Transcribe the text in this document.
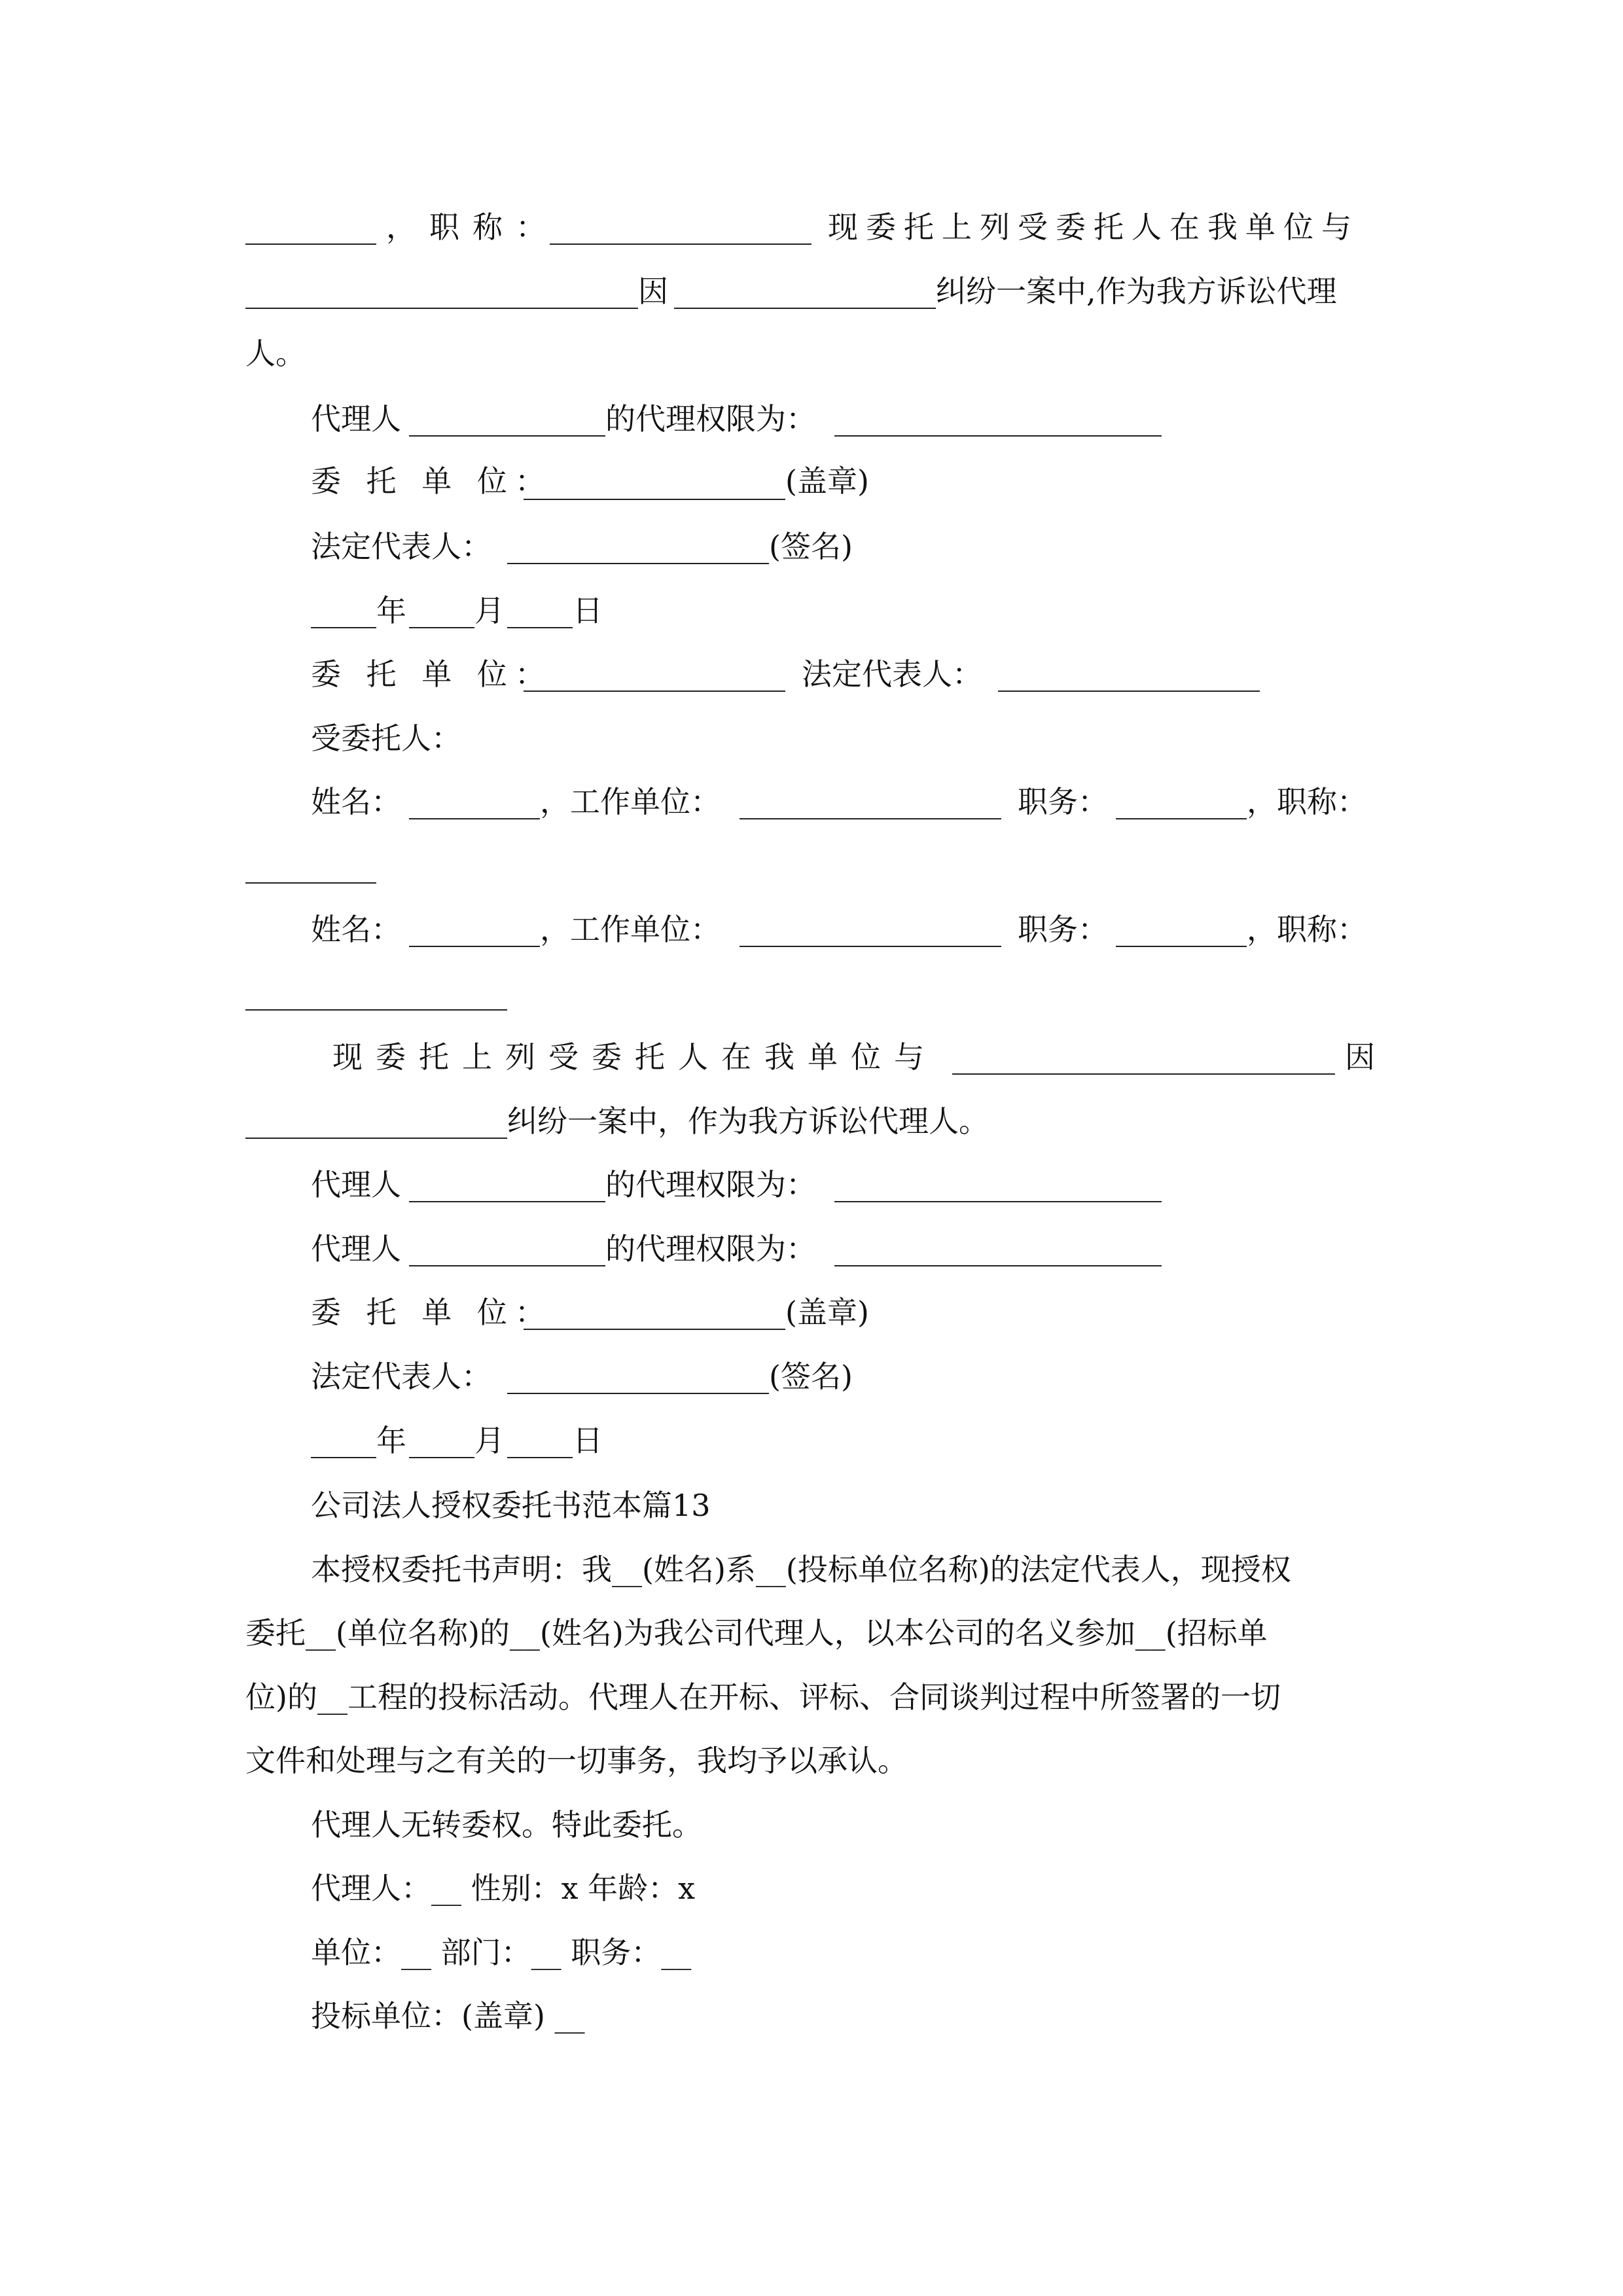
，职称：	现委托上列受委托人在我单位与
因	纠纷一案中,作为我方诉讼代理
人。
代理人	的代理权限为：
委 托 单 位：	(盖章)
法定代表人：	(签名)
年 月 日
委 托 单 位：	法定代表人：
受委托人：
姓名：	，工作单位：	职务：	，职称：
姓名：	，工作单位：	职务：	，职称：
现委托上列受委托人在我单位与	因
纠纷一案中，作为我方诉讼代理人。
代理人	的代理权限为：
代理人	的代理权限为：
委 托 单 位：	(盖章)
法定代表人：	(签名)
年 月 日
公司法人授权委托书范本篇13
本授权委托书声明：我__(姓名)系__(投标单位名称)的法定代表人，现授权
委托__(单位名称)的__(姓名)为我公司代理人，以本公司的名义参加__(招标单
位)的__工程的投标活动。代理人在开标、评标、合同谈判过程中所签署的一切
文件和处理与之有关的一切事务，我均予以承认。
代理人无转委权。特此委托。
代理人：__ 性别：x 年龄：x
单位：__ 部门：__ 职务：__
投标单位：(盖章) __
